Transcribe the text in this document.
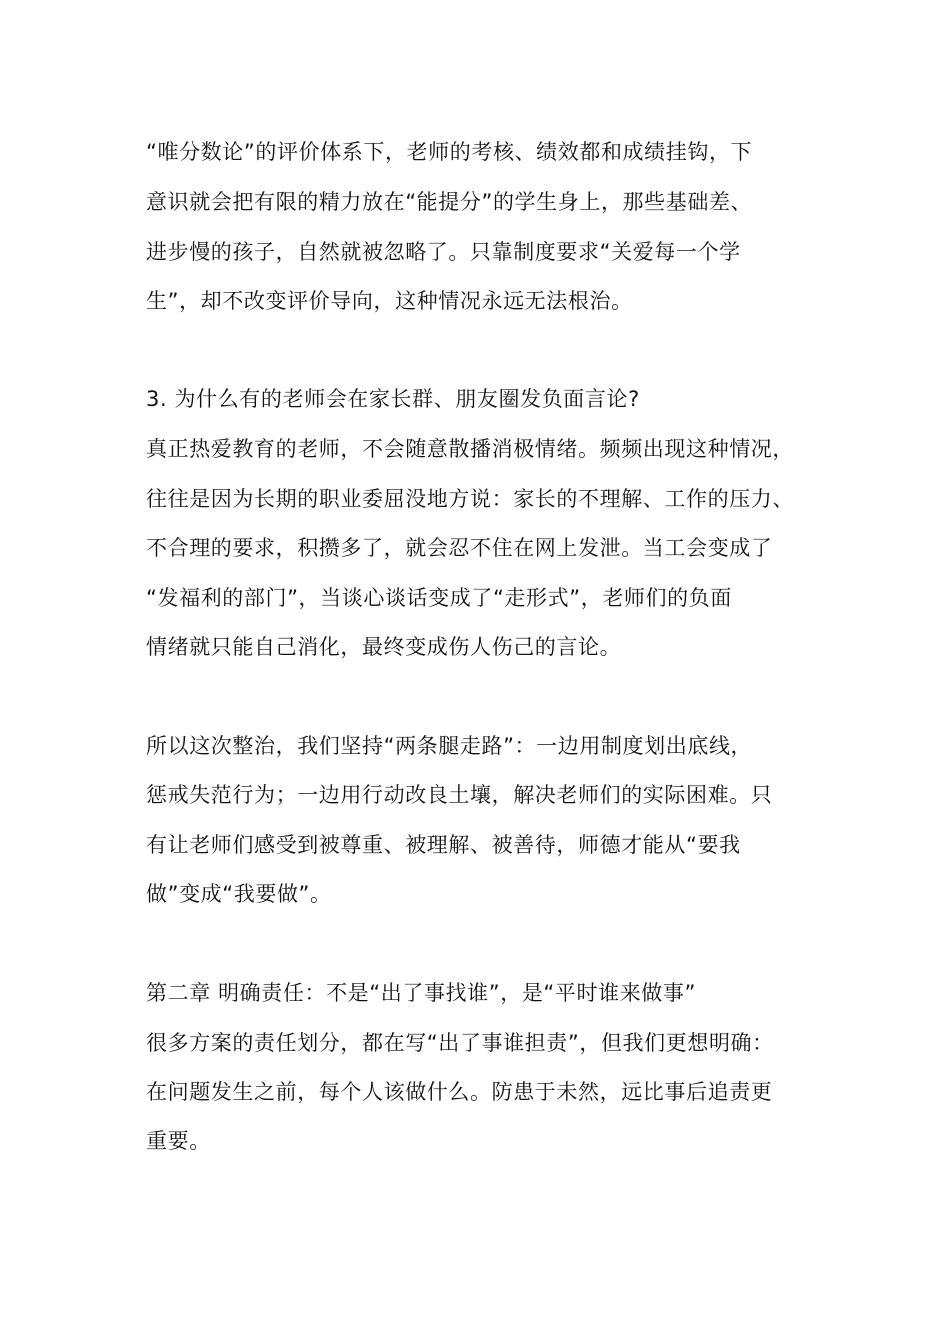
“唯分数论”的评价体系下，老师的考核、绩效都和成绩挂钩，下
意识就会把有限的精力放在“能提分”的学生身上，那些基础差、
进步慢的孩子，自然就被忽略了。只靠制度要求“关爱每一个学
生”，却不改变评价导向，这种情况永远无法根治。
3. 为什么有的老师会在家长群、朋友圈发负面言论?
真正热爱教育的老师，不会随意散播消极情绪。频频出现这种情况，
往往是因为长期的职业委屈没地方说：家长的不理解、工作的压力、
不合理的要求，积攒多了，就会忍不住在网上发泄。当工会变成了
“发福利的部门”，当谈心谈话变成了“走形式”，老师们的负面
情绪就只能自己消化，最终变成伤人伤己的言论。
所以这次整治，我们坚持“两条腿走路”：一边用制度划出底线，
惩戒失范行为；一边用行动改良土壤，解决老师们的实际困难。只
有让老师们感受到被尊重、被理解、被善待，师德才能从“要我
做”变成“我要做”。
第二章 明确责任：不是“出了事找谁”，是“平时谁来做事”
很多方案的责任划分，都在写“出了事谁担责”，但我们更想明确：
在问题发生之前，每个人该做什么。防患于未然，远比事后追责更
重要。
